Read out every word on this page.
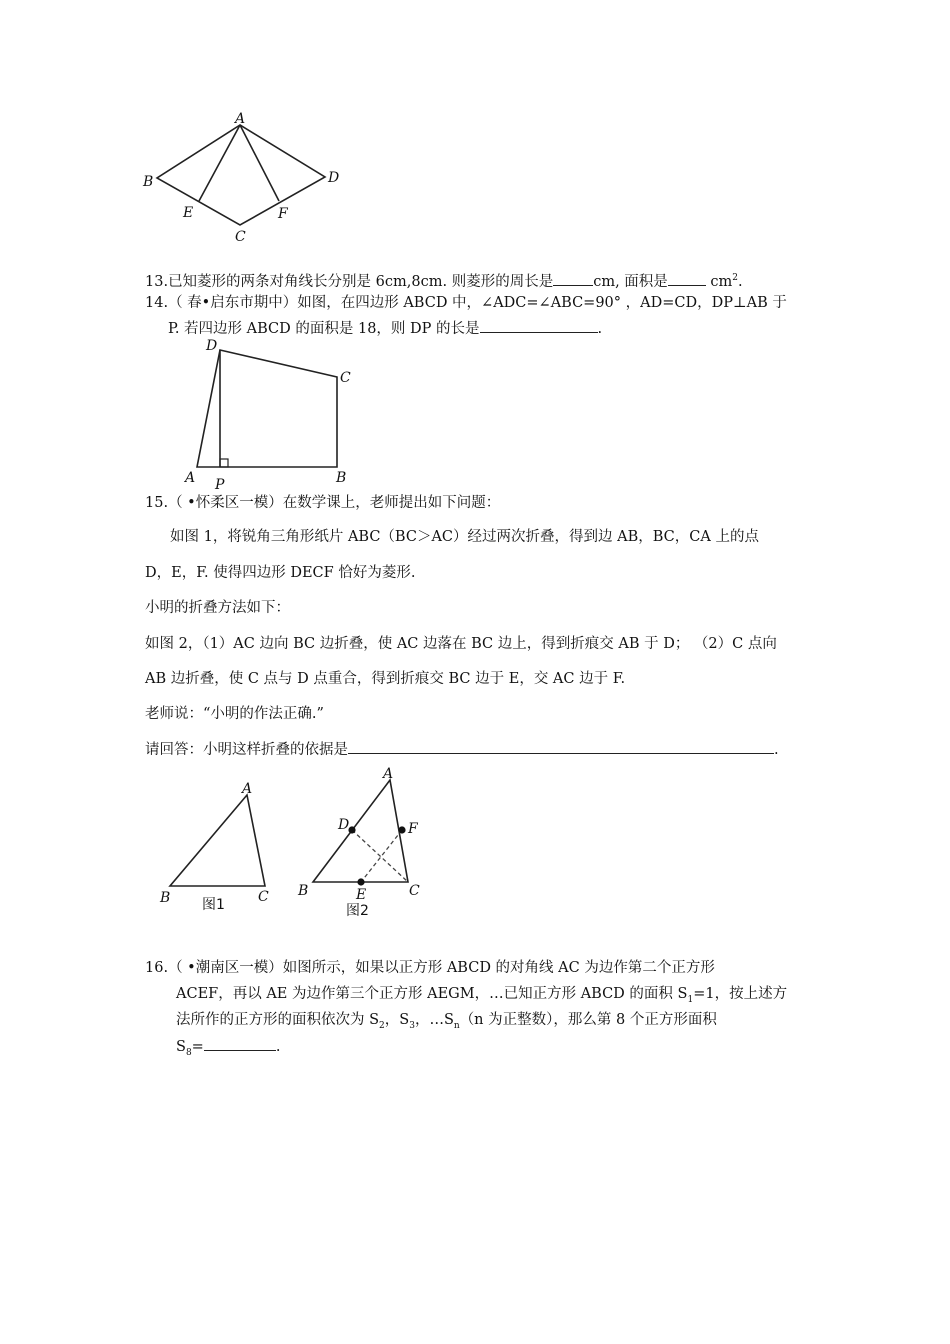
A
B
C
D
E	F
13.已知菱形的两条对角线长分别是 6cm,8cm. 则菱形的周长是	cm, 面积是	$cm^2$.
14.（ 春•启东市期中）如图，在四边形 ABCD 中，∠ADC=∠ABC=90° ，AD=CD，DP⊥AB 于
P. 若四边形 ABCD 的面积是 18，则 DP 的长是	.
D
C
A P	B
15.（ •怀柔区一模）在数学课上，老师提出如下问题：
如图 1，将锐角三角形纸片 ABC（BC＞AC）经过两次折叠，得到边 AB，BC，CA 上的点
D，E，F. 使得四边形 DECF 恰好为菱形.
小明的折叠方法如下：
如图 2，（1）AC 边向 BC 边折叠，使 AC 边落在 BC 边上，得到折痕交 AB 于 D； （2）C 点向
AB 边折叠，使 C 点与 D 点重合，得到折痕交 BC 边于 E，交 AC 边于 F.
老师说：“小明的作法正确.”
请回答：小明这样折叠的依据是	.
A
B	C
图1
A
D	F
B	E	C
图2
16.（ •潮南区一模）如图所示，如果以正方形 ABCD 的对角线 AC 为边作第二个正方形
ACEF，再以 AE 为边作第三个正方形 AEGM，…已知正方形 ABCD 的面积 $S_1=1$，按上述方
法所作的正方形的面积依次为 $S_2$，$S_3$，$\dots S_n(n$ 为正整数），那么第 8 个正方形面积
$S_8=$	.
